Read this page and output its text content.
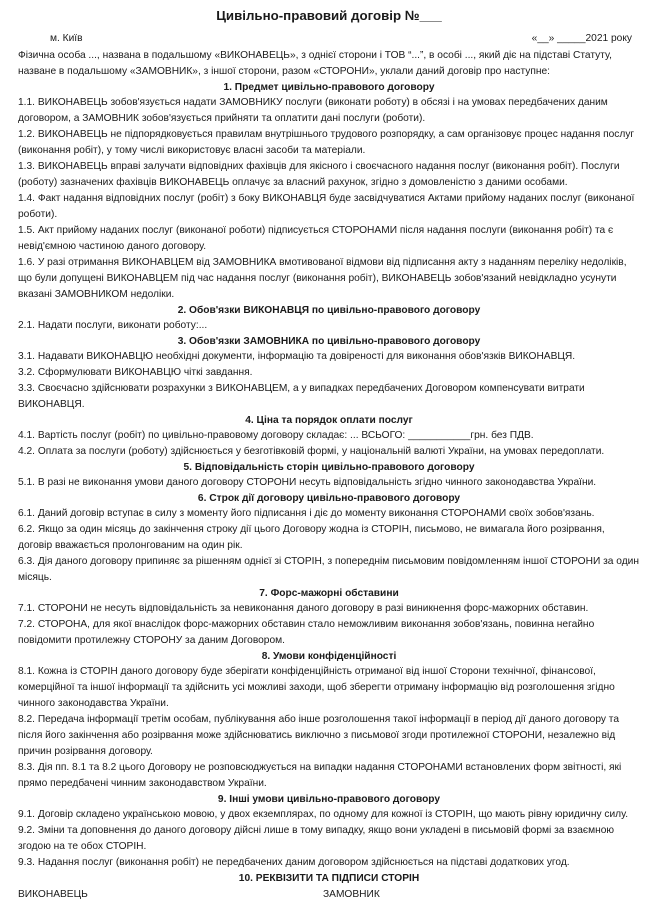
Цивільно-правовий договір №___
м. Київ	«__» _____2021 року

Фізична особа ..., названа в подальшому «ВИКОНАВЕЦЬ», з однієї сторони і ТОВ “...”, в особі ..., який діє на підставі Статуту, назване в подальшому «ЗАМОВНИК», з іншої сторони, разом «СТОРОНИ», уклали даний договір про наступне:

1. Предмет цивільно-правового договору

1.1. ВИКОНАВЕЦЬ зобов'язується надати ЗАМОВНИКУ послуги (виконати роботу) в обсязі і на умовах передбачених даним договором, а ЗАМОВНИК зобов'язується прийняти та оплатити дані послуги (роботи).

1.2. ВИКОНАВЕЦЬ не підпорядковується правилам внутрішнього трудового розпорядку, а сам організовує процес надання послуг (виконання робіт), у тому числі використовує власні засоби та матеріали.

1.3. ВИКОНАВЕЦЬ вправі залучати відповідних фахівців для якісного і своєчасного надання послуг (виконання робіт). Послуги (роботу) зазначених фахівців ВИКОНАВЕЦЬ оплачує за власний рахунок, згідно з домовленістю з даними особами.

1.4. Факт надання відповідних послуг (робіт) з боку ВИКОНАВЦЯ буде засвідчуватися Актами прийому наданих послуг (виконаної роботи).

1.5. Акт прийому наданих послуг (виконаної роботи) підписується СТОРОНАМИ після надання послуги (виконання робіт) та є невід'ємною частиною даного договору.

1.6. У разі отримання ВИКОНАВЦЕМ від ЗАМОВНИКА вмотивованої відмови від підписання акту з наданням переліку недоліків, що були допущені ВИКОНАВЦЕМ під час надання послуг (виконання робіт), ВИКОНАВЕЦЬ зобов'язаний невідкладно усунути вказані ЗАМОВНИКОМ недоліки.

2. Обов'язки ВИКОНАВЦЯ по цивільно-правового договору

2.1. Надати послуги, виконати роботу:...

3. Обов'язки ЗАМОВНИКА по цивільно-правового договору

3.1. Надавати ВИКОНАВЦЮ необхідні документи, інформацію та довіреності для виконання обов'язків ВИКОНАВЦЯ.

3.2. Сформулювати ВИКОНАВЦЮ чіткі завдання.

3.3. Своєчасно здійснювати розрахунки з ВИКОНАВЦЕМ, а у випадках передбачених Договором компенсувати витрати ВИКОНАВЦЯ.

4. Ціна та порядок оплати послуг

4.1. Вартість послуг (робіт) по цивільно-правовому договору складає: ... ВСЬОГО: ___________грн. без ПДВ.

4.2. Оплата за послуги (роботу) здійснюється у безготівковій формі, у національній валюті України, на умовах передоплати.

5. Відповідальність сторін цивільно-правового договору

5.1. В разі не виконання умови даного договору СТОРОНИ несуть відповідальність згідно чинного законодавства України.

6. Строк дії договору цивільно-правового договору

6.1. Даний договір вступає в силу з моменту його підписання і діє до моменту виконання СТОРОНАМИ своїх зобов'язань.

6.2. Якщо за один місяць до закінчення строку дії цього Договору жодна із СТОРІН, письмово, не вимагала його розірвання, договір вважається пролонгованим на один рік.

6.3. Дія даного договору припиняє за рішенням однієї зі СТОРІН, з попереднім письмовим повідомленням іншої СТОРОНИ за один місяць.

7. Форс-мажорні обставини

7.1. СТОРОНИ не несуть відповідальність за невиконання даного договору в разі виникнення форс-мажорних обставин.

7.2. СТОРОНА, для якої внаслідок форс-мажорних обставин стало неможливим виконання зобов'язань, повинна негайно повідомити протилежну СТОРОНУ за даним Договором.

8. Умови конфіденційності

8.1. Кожна із СТОРІН даного договору буде зберігати конфіденційність отриманої від іншої Сторони технічної, фінансової, комерційної та іншої інформації та здійснить усі можливі заходи, щоб зберегти отриману інформацію від розголошення згідно чинного законодавства України.

8.2. Передача інформації третім особам, публікування або інше розголошення такої інформації в період дії даного договору та після його закінчення або розірвання може здійснюватись виключно з письмової згоди протилежної СТОРОНИ, незалежно від причин розірвання договору.

8.3. Дія пп. 8.1 та 8.2 цього Договору не розповсюджується на випадки надання СТОРОНАМИ встановлених форм звітності, які прямо передбачені чинним законодавством України.

9. Інші умови цивільно-правового договору

9.1. Договір складено українською мовою, у двох екземплярах, по одному для кожної із СТОРІН, що мають рівну юридичну силу.

9.2. Зміни та доповнення до даного договору дійсні лише в тому випадку, якщо вони укладені в письмовій формі за взаємною згодою на те обох СТОРІН.

9.3. Надання послуг (виконання робіт) не передбачених даним договором здійснюється на підставі додаткових угод.

10. РЕКВІЗИТИ ТА ПІДПИСИ СТОРІН
ВИКОНАВЕЦЬ	ЗАМОВНИК
